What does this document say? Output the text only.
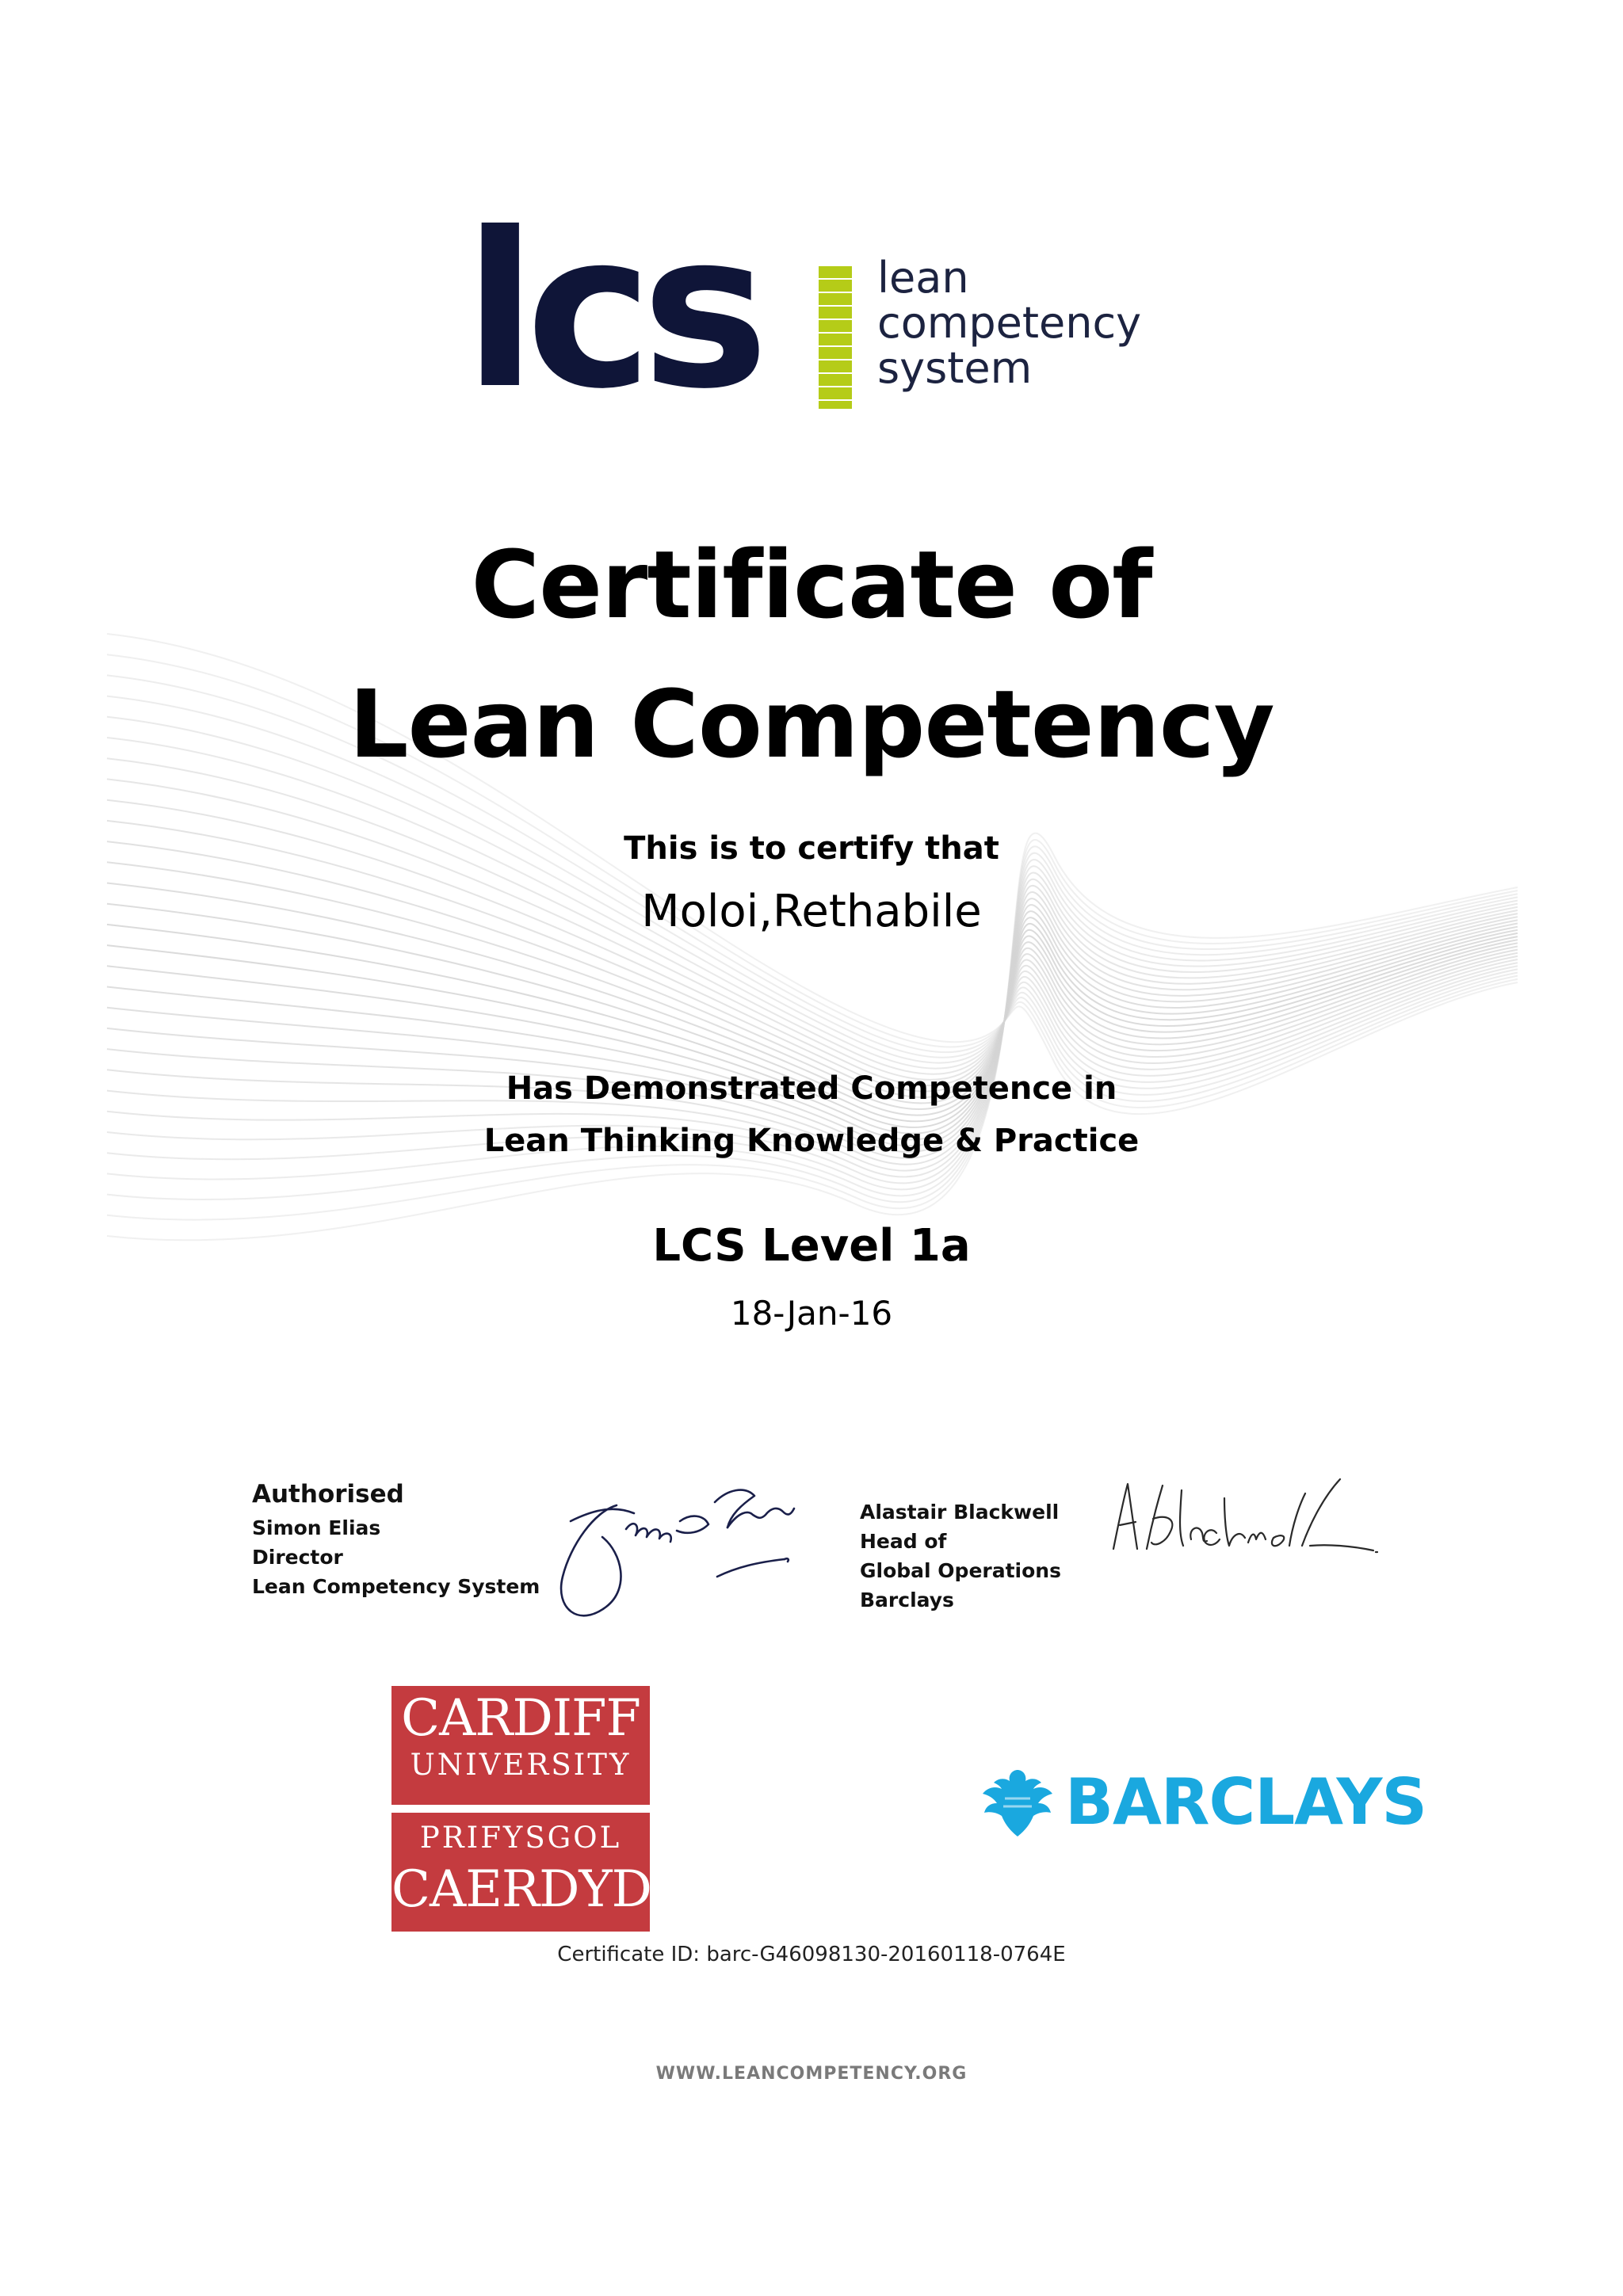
lcs	lean
competency
system
Certificate of
Lean Competency
This is to certify that
Moloi,Rethabile
Has Demonstrated Competence in
Lean Thinking Knowledge & Practice
LCS Level 1a
18-Jan-16
Authorised
Simon Elias
Director
Lean Competency System
Alastair Blackwell
Head of
Global Operations
Barclays
CARDIFF
UNIVERSITY
PRIFYSGOL
CAERDYDD
BARCLAYS
Certificate ID: barc-G46098130-20160118-0764E
WWW.LEANCOMPETENCY.ORG
